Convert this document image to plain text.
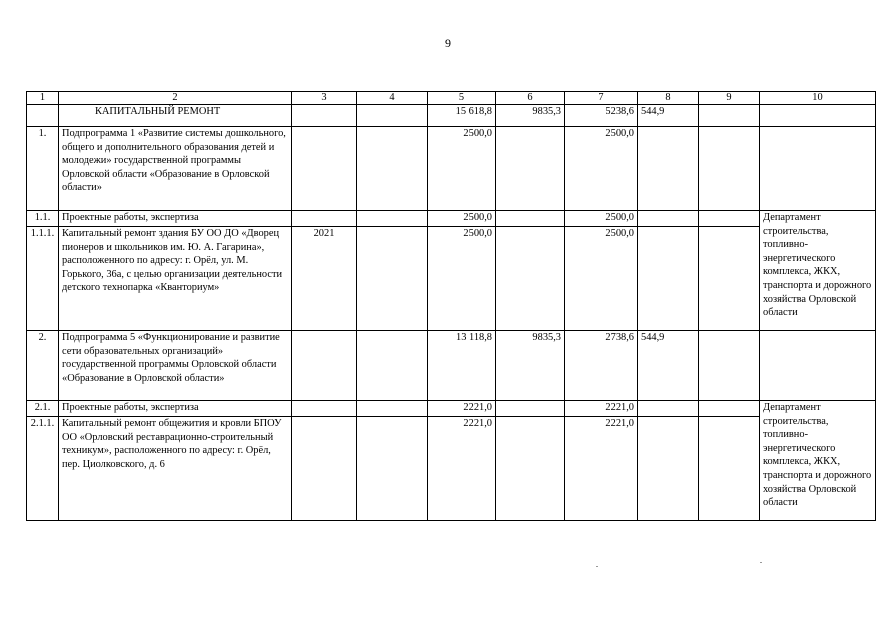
9
1	2	3	4	5	6	7	8	9	10
	КАПИТАЛЬНЫЙ РЕМОНТ			15 618,8	9835,3	5238,6	544,9		
1.	Подпрограмма 1 «Развитие системы дошкольного, общего и дополнительного образования детей и молодежи» государственной программы Орловской области «Образование в Орловской области»			2500,0		2500,0			
1.1.	Проектные работы, экспертиза			2500,0		2500,0			Департамент строительства, топливно-энергетического комплекса, ЖКХ, транспорта и дорожного хозяйства Орловской области
1.1.1.	Капитальный ремонт здания БУ ОО ДО «Дворец пионеров и школьников им. Ю. А. Гагарина», расположенного по адресу: г. Орёл, ул. М. Горького, 36а, с целью организации деятельности детского технопарка «Кванториум»	2021		2500,0		2500,0			
2.	Подпрограмма 5 «Функционирование и развитие сети образовательных организаций» государственной программы Орловской области «Образование в Орловской области»			13 118,8	9835,3	2738,6	544,9		
2.1.	Проектные работы, экспертиза			2221,0		2221,0			Департамент строительства, топливно-энергетического комплекса, ЖКХ, транспорта и дорожного хозяйства Орловской области
2.1.1.	Капитальный ремонт общежития и кровли БПОУ ОО «Орловский реставрационно-строительный техникум», расположенного по адресу: г. Орёл, пер. Циолковского, д. 6			2221,0		2221,0			
